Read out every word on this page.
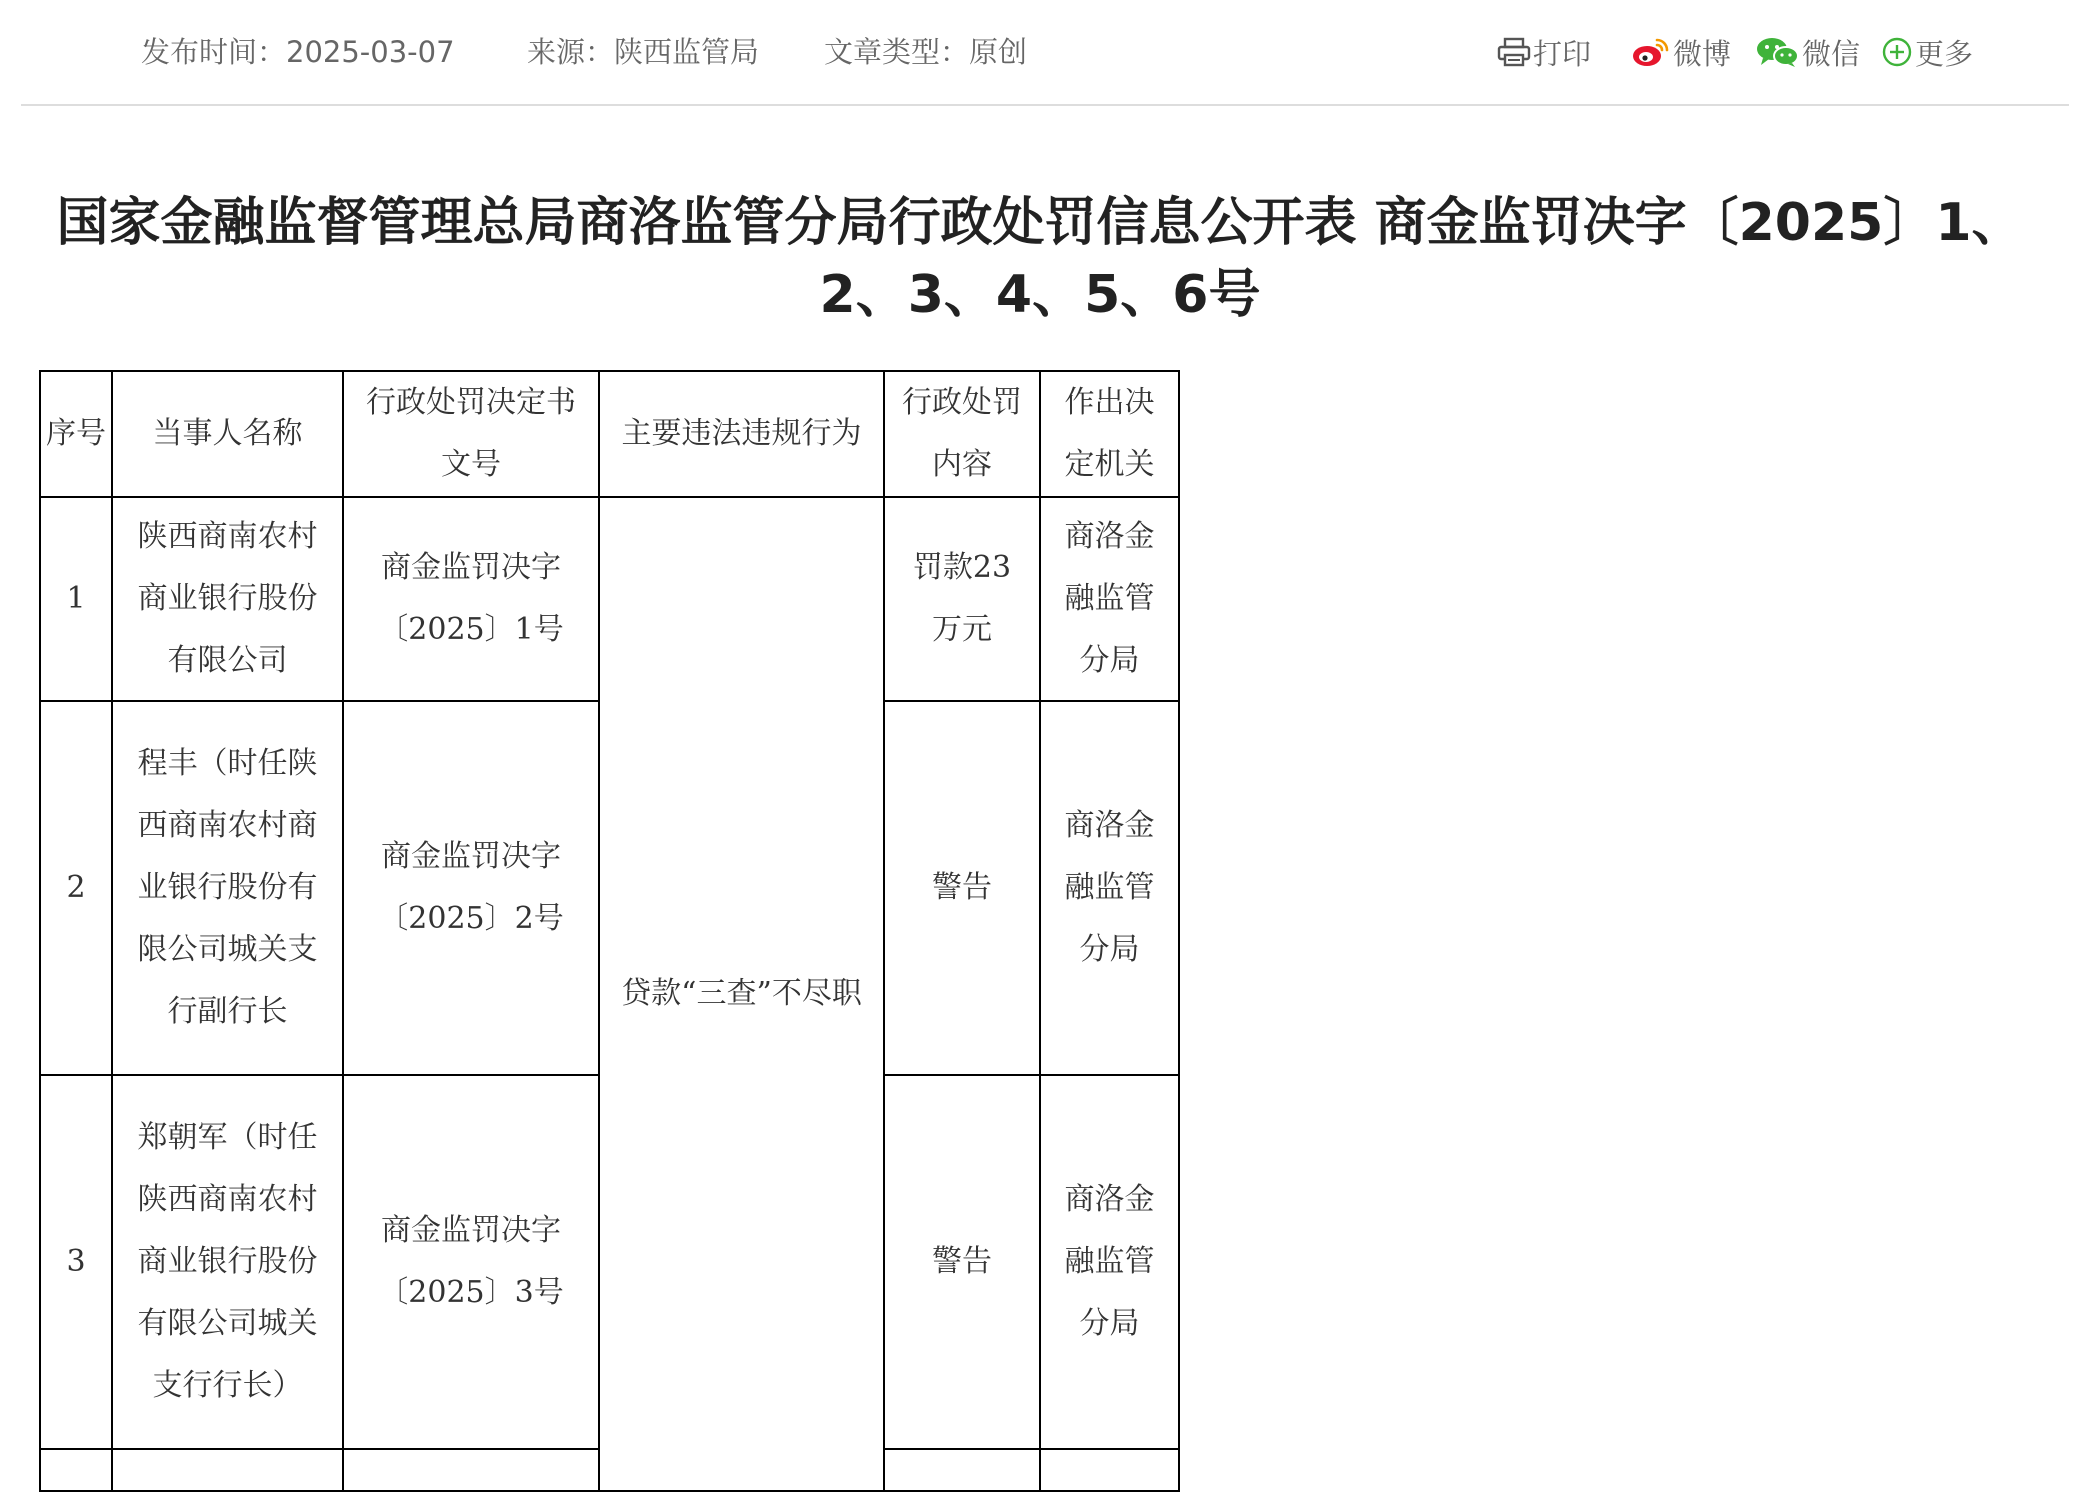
发布时间：2025-03-07 来源：陕西监管局 文章类型：原创	打印	微博 微信 更多
国家金融监督管理总局商洛监管分局行政处罚信息公开表 商金监罚决字〔2025〕1、2、3、4、5、6号
序号	当事人名称	行政处罚决定书文号	主要违法违规行为	行政处罚内容	作出决定机关
1	陕西商南农村商业银行股份有限公司	商金监罚决字〔2025〕1号	贷款“三查”不尽职	罚款23万元	商洛金融监管分局
2	程丰（时任陕西商南农村商业银行股份有限公司城关支行副行长	商金监罚决字〔2025〕2号		警告	商洛金融监管分局
3	郑朝军（时任陕西商南农村商业银行股份有限公司城关支行行长）	商金监罚决字〔2025〕3号		警告	商洛金融监管分局
